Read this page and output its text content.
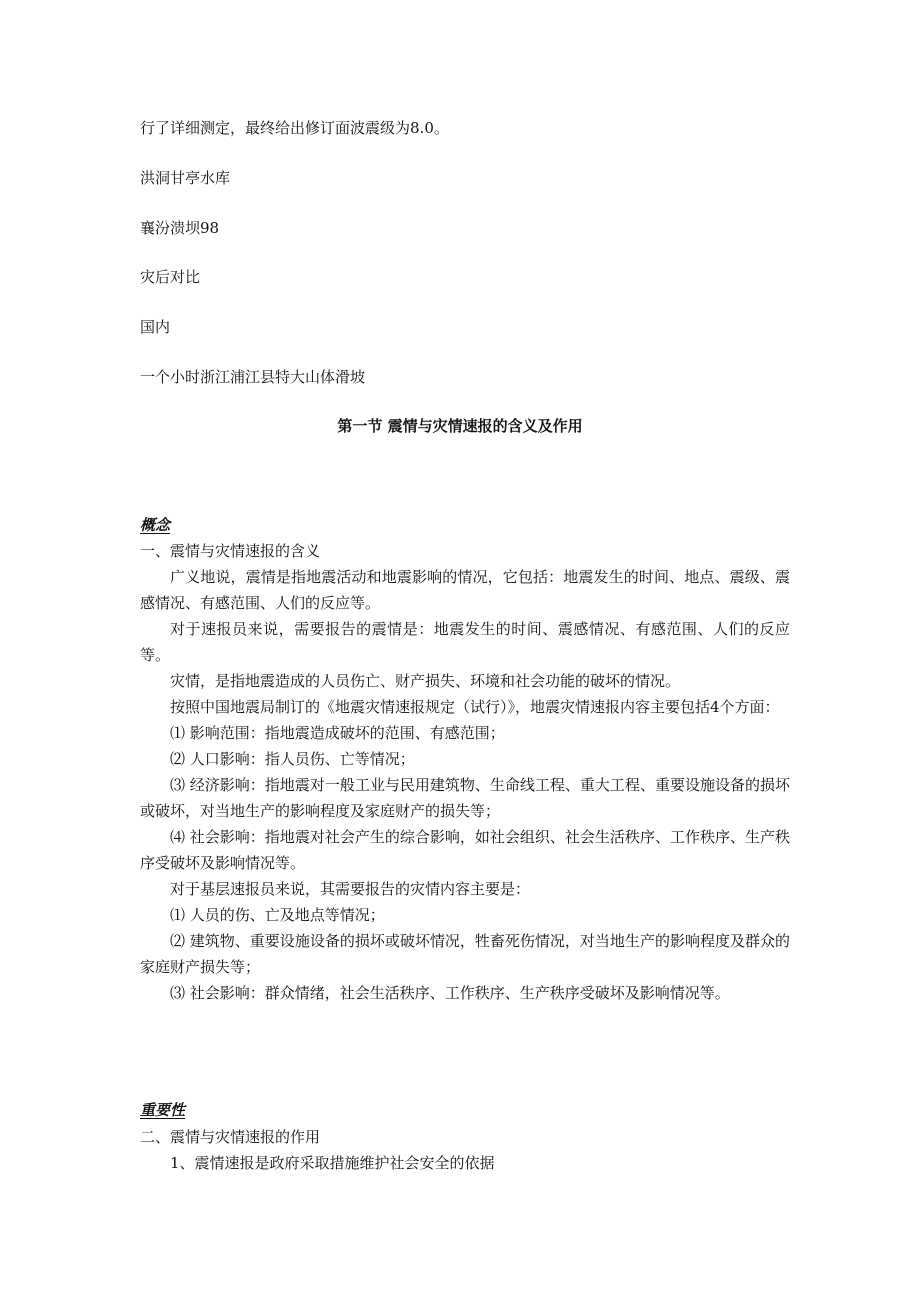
行了详细测定，最终给出修订面波震级为8.0。
洪洞甘亭水库
襄汾溃坝98
灾后对比
国内
一个小时浙江浦江县特大山体滑坡
第一节 震情与灾情速报的含义及作用
概念

一、震情与灾情速报的含义

广义地说，震情是指地震活动和地震影响的情况，它包括：地震发生的时间、地点、震级、震感情况、有感范围、人们的反应等。

对于速报员来说，需要报告的震情是：地震发生的时间、震感情况、有感范围、人们的反应等。

灾情，是指地震造成的人员伤亡、财产损失、环境和社会功能的破坏的情况。

按照中国地震局制订的《地震灾情速报规定（试行）》，地震灾情速报内容主要包括4个方面：

⑴ 影响范围：指地震造成破坏的范围、有感范围；

⑵ 人口影响：指人员伤、亡等情况；

⑶ 经济影响：指地震对一般工业与民用建筑物、生命线工程、重大工程、重要设施设备的损坏或破坏，对当地生产的影响程度及家庭财产的损失等；

⑷ 社会影响：指地震对社会产生的综合影响，如社会组织、社会生活秩序、工作秩序、生产秩序受破坏及影响情况等。

对于基层速报员来说，其需要报告的灾情内容主要是：

⑴ 人员的伤、亡及地点等情况；

⑵ 建筑物、重要设施设备的损坏或破坏情况，牲畜死伤情况，对当地生产的影响程度及群众的家庭财产损失等；

⑶ 社会影响：群众情绪，社会生活秩序、工作秩序、生产秩序受破坏及影响情况等。

重要性

二、震情与灾情速报的作用

1、震情速报是政府采取措施维护社会安全的依据
